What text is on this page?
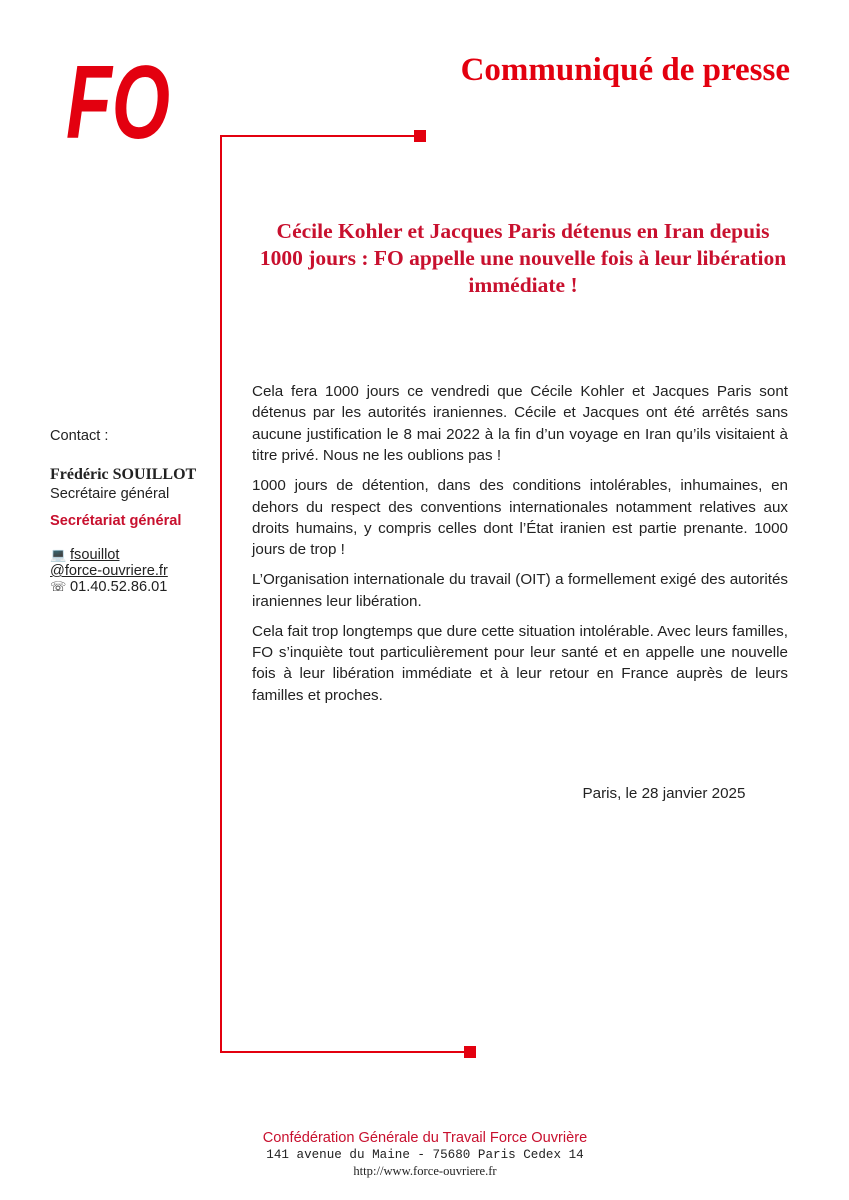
FO	Communiqué de presse
Cécile Kohler et Jacques Paris détenus en Iran depuis 1000 jours : FO appelle une nouvelle fois à leur libération immédiate !

Cela fera 1000 jours ce vendredi que Cécile Kohler et Jacques Paris sont détenus par les autorités iraniennes. Cécile et Jacques ont été arrêtés sans aucune justification le 8 mai 2022 à la fin d’un voyage en Iran qu’ils visitaient à titre privé. Nous ne les oublions pas !

1000 jours de détention, dans des conditions intolérables, inhumaines, en dehors du respect des conventions internationales notamment relatives aux droits humains, y compris celles dont l’État iranien est partie prenante. 1000 jours de trop !

L’Organisation internationale du travail (OIT) a formellement exigé des autorités iraniennes leur libération.

Cela fait trop longtemps que dure cette situation intolérable. Avec leurs familles, FO s’inquiète tout particulièrement pour leur santé et en appelle une nouvelle fois à leur libération immédiate et à leur retour en France auprès de leurs familles et proches.

Paris, le 28 janvier 2025
Contact :
Frédéric SOUILLOT
Secrétaire général
Secrétariat général
💻 fsouillot
@force-ouvriere.fr
☏ 01.40.52.86.01
Confédération Générale du Travail Force Ouvrière
141 avenue du Maine - 75680 Paris Cedex 14
http://www.force-ouvriere.fr
